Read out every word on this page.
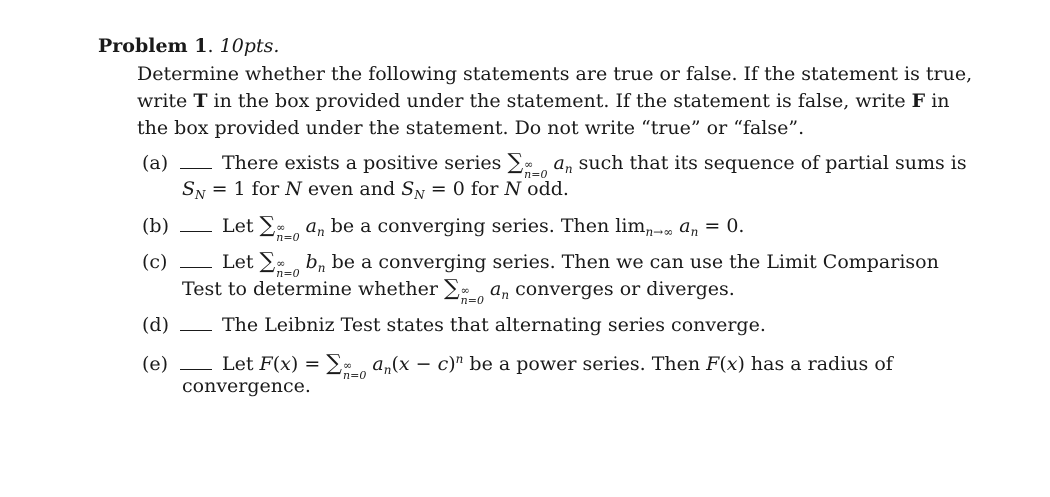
Problem 1. 10pts.
Determine whether the following statements are true or false. If the statement is true,
write T in the box provided under the statement. If the statement is false, write F in
the box provided under the statement. Do not write “true” or “false”.
(a)	There exists a positive series ∑ ∞
n=0
$a_n$ such that its sequence of partial sums is
$S_N = 1$ for N even and $S_N = 0$ for N odd.
(b)	Let ∑ ∞
n=0
$a_n$ be a converging series. Then $\lim_{n\to\infty} a_n = 0$.
(c)	Let ∑ ∞
n=0
$b_n$ be a converging series. Then we can use the Limit Comparison
Test to determine whether ∑ ∞
n=0
$a_n$ converges or diverges.
(d)	The Leibniz Test states that alternating series converge.
(e)	Let F(x) = ∑ ∞
n=0
$a_n(x - c)^n$ be a power series. Then F(x) has a radius of
convergence.
